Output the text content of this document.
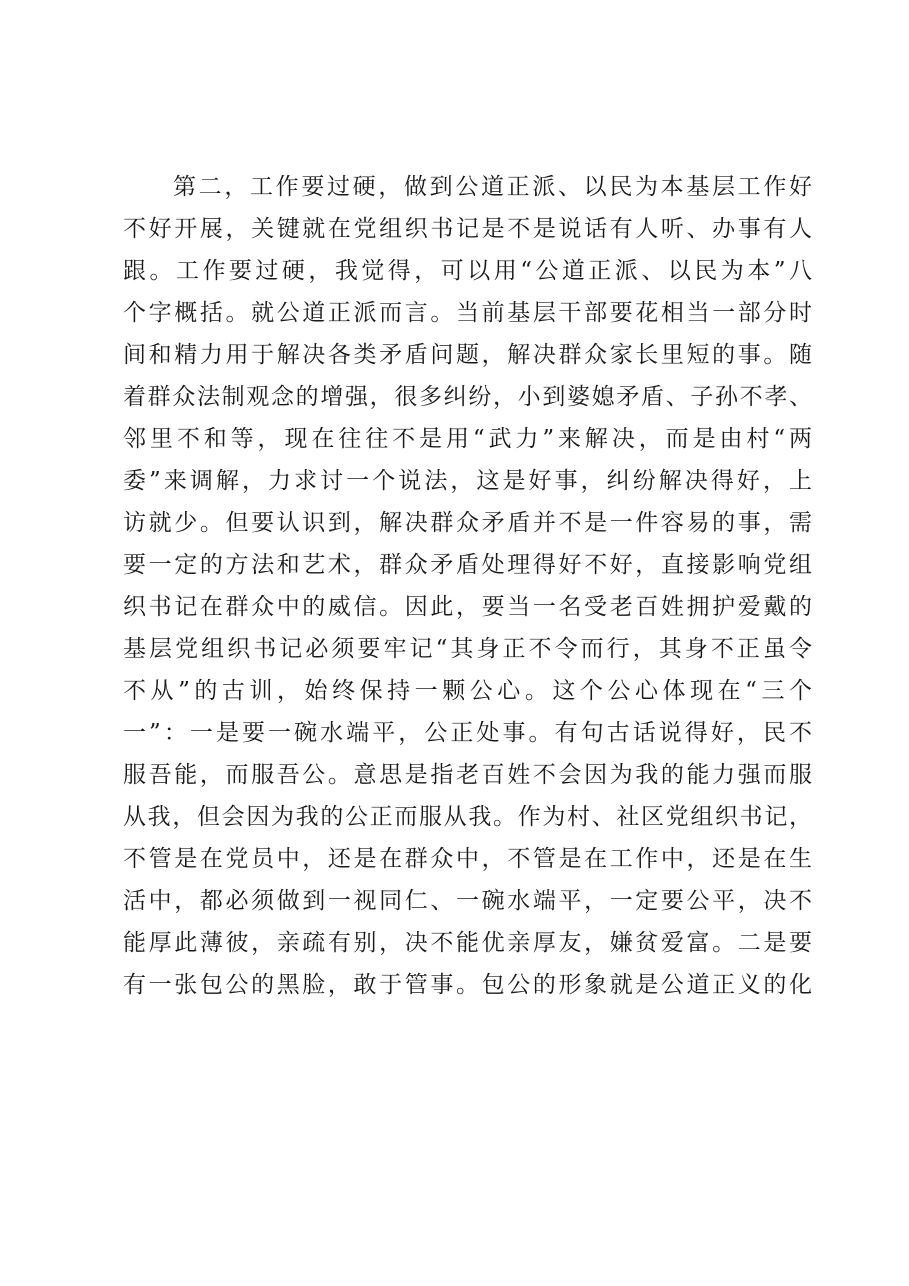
第二，工作要过硬，做到公道正派、以民为本基层工作好
不好开展，关键就在党组织书记是不是说话有人听、办事有人
跟。工作要过硬，我觉得，可以用“公道正派、以民为本”八
个字概括。就公道正派而言。当前基层干部要花相当一部分时
间和精力用于解决各类矛盾问题，解决群众家长里短的事。随
着群众法制观念的增强，很多纠纷，小到婆媳矛盾、子孙不孝、
邻里不和等，现在往往不是用“武力”来解决，而是由村“两
委”来调解，力求讨一个说法，这是好事，纠纷解决得好，上
访就少。但要认识到，解决群众矛盾并不是一件容易的事，需
要一定的方法和艺术，群众矛盾处理得好不好，直接影响党组
织书记在群众中的威信。因此，要当一名受老百姓拥护爱戴的
基层党组织书记必须要牢记“其身正不令而行，其身不正虽令
不从”的古训，始终保持一颗公心。这个公心体现在“三个
一”：一是要一碗水端平，公正处事。有句古话说得好，民不
服吾能，而服吾公。意思是指老百姓不会因为我的能力强而服
从我，但会因为我的公正而服从我。作为村、社区党组织书记，
不管是在党员中，还是在群众中，不管是在工作中，还是在生
活中，都必须做到一视同仁、一碗水端平，一定要公平，决不
能厚此薄彼，亲疏有别，决不能优亲厚友，嫌贫爱富。二是要
有一张包公的黑脸，敢于管事。包公的形象就是公道正义的化
